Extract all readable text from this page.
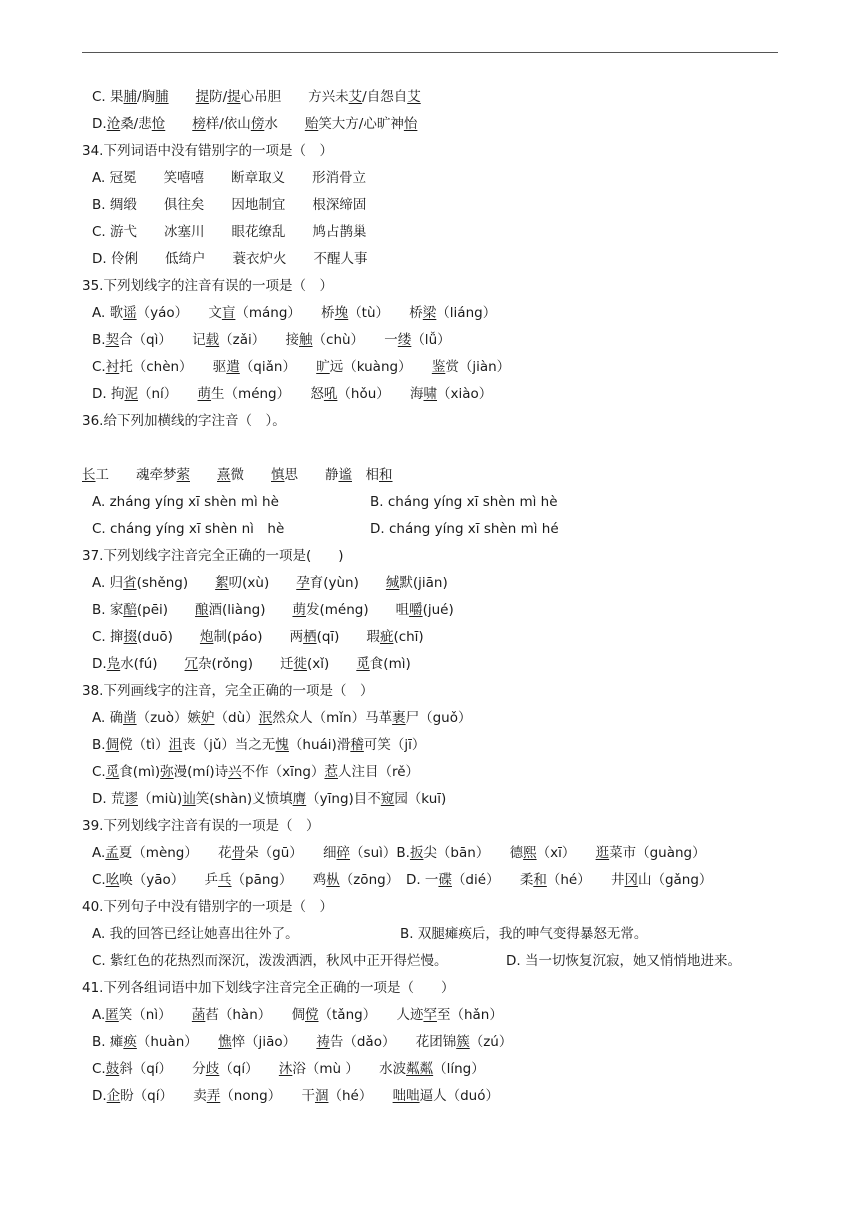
C. 果脯/胸脯　　 提防/提心吊胆　　方兴未艾/自怨自艾
D.沧桑/悲怆　　 榜样/依山傍水　　贻笑大方/心旷神怡
34.下列词语中没有错别字的一项是（　）
A. 冠冕　　笑嘻嘻　　断章取义　　形消骨立
B. 绸缎　　俱往矣　　因地制宜　　根深缔固
C. 游弋　　冰塞川　　眼花缭乱　　鸠占鹊巢
D. 伶俐　　低绮户　　蓑衣炉火　　不醒人事
35.下列划线字的注音有误的一项是（　）
A. 歌谣（yáo）　　文盲（máng）　　桥堍（tù）　　桥梁（liáng）
B.契合（qì）　　记载（zǎi）　　接触（chù）　　一缕（lǚ）
C.衬托（chèn）　　驱遣（qiǎn）　　旷远（kuàng）　　鉴赏（jiàn）
D. 拘泥（ní）　　萌生（méng）　　怒吼（hǒu）　　海啸（xiào）
36.给下列加横线的字注音（　）。
长工　　魂牵梦萦　　 熹微　　慎思　　静谧　相和
A. zháng yíng xī shèn mì hè	B. cháng yíng xī shèn mì hè
C. cháng yíng xī shèn nì　hè	D. cháng yíng xī shèn mì hé
37.下列划线字注音完全正确的一项是(　　)
A. 归省(shěng)　　絮叨(xù)　　孕育(yùn)　　缄默(jiān)
B. 家醅(pēi)　　酿酒(liàng)　　萌发(méng)　　咀嚼(jué)
C. 撺掇(duō)　　炮制(páo)　　两栖(qī)　　瑕疵(chī)
D.凫水(fú)　　冗杂(rǒng)　　迁徙(xǐ)　　觅食(mì)
38.下列画线字的注音，完全正确的一项是（　）
A. 确凿（zuò）嫉妒（dù）泯然众人（mǐn）马革裹尸（guǒ）
B.倜傥（tì）沮丧（jǔ）当之无愧（huái)滑稽可笑（jī）
C.觅食(mì)弥漫(mí)诗兴不作（xīng）惹人注目（rě）
D. 荒谬（miù)讪笑(shàn)义愤填膺（yīng)目不窥园（kuī)
39.下列划线字注音有误的一项是（　）
A.孟夏（mèng）　　花骨朵（gū）　　细碎（suì）B.扳尖（bān）　　德熙（xī）　　逛菜市（guàng）
C.吆唤（yāo）　　乒乓（pāng）　　鸡枞（zōng）　D. 一碟（dié）　　柔和（hé）　　井冈山（gǎng）
40.下列句子中没有错别字的一项是（　）
A. 我的回答已经让她喜出往外了。	B. 双腿瘫痪后，我的呻气变得暴怒无常。
C. 紫红色的花热烈而深沉，泼泼洒洒，秋风中正开得烂慢。	D. 当一切恢复沉寂，她又悄悄地进来。
41.下列各组词语中加下划线字注音完全正确的一项是（　　）
A.匿笑（nì）　　菡萏（hàn）　　倜傥（tǎng）　　人迹罕至（hǎn）
B. 瘫痪（huàn）　　憔悴（jiāo）　　祷告（dǎo）　　花团锦簇（zú）
C.鼓斜（qí）　　分歧（qí）　　沐浴（mù ）　　水波粼粼（líng）
D.企盼（qí）　　卖弄（nong）　　干涸（hé）　　咄咄逼人（duó）
